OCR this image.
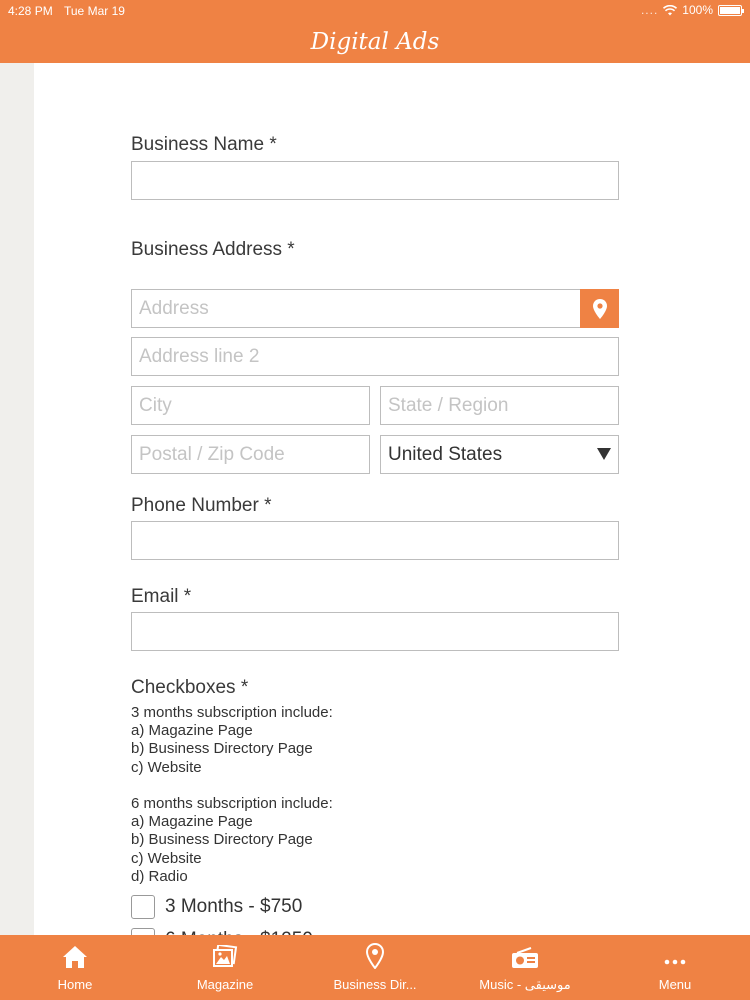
4:28 PM Tue Mar 19	.... 100%
Digital Ads
Business Name *
Business Address *
Address
Address line 2
City	State / Region
Postal / Zip Code	United States
Phone Number *
Email *
Checkboxes *
3 months subscription include:
a) Magazine Page
b) Business Directory Page
c) Website
6 months subscription include:
a) Magazine Page
b) Business Directory Page
c) Website
d) Radio
3 Months - $750
Home	Magazine	Business Dir...	Music - موسيقى	Menu
